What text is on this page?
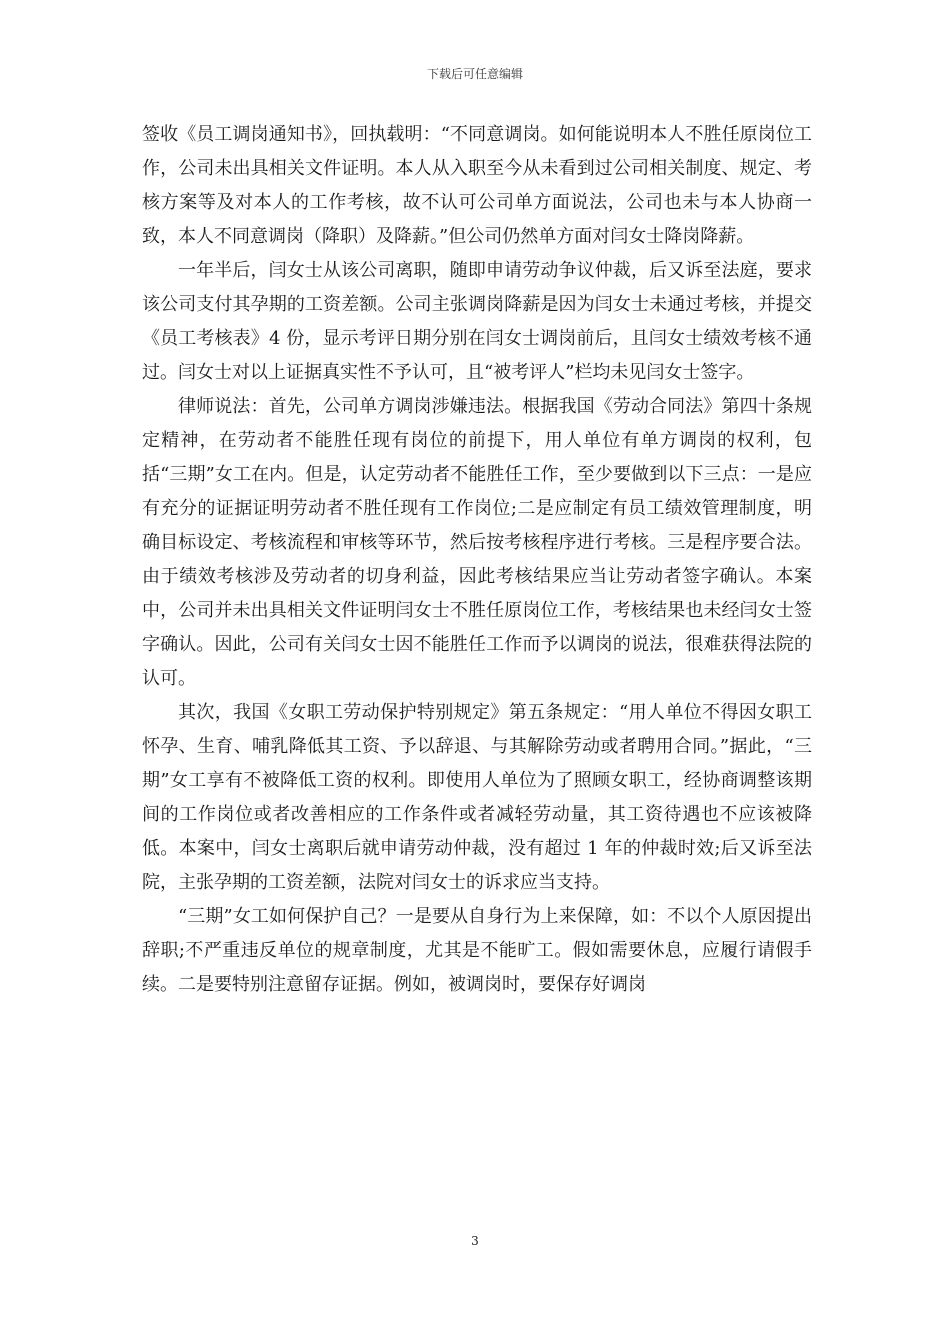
下载后可任意编辑

签收《员工调岗通知书》，回执载明：“不同意调岗。如何能说明本人不胜任原岗位工作，公司未出具相关文件证明。本人从入职至今从未看到过公司相关制度、规定、考核方案等及对本人的工作考核，故不认可公司单方面说法，公司也未与本人协商一致，本人不同意调岗（降职）及降薪。”但公司仍然单方面对闫女士降岗降薪。

一年半后，闫女士从该公司离职，随即申请劳动争议仲裁，后又诉至法庭，要求该公司支付其孕期的工资差额。公司主张调岗降薪是因为闫女士未通过考核，并提交《员工考核表》4 份，显示考评日期分别在闫女士调岗前后，且闫女士绩效考核不通过。闫女士对以上证据真实性不予认可，且“被考评人”栏均未见闫女士签字。

律师说法：首先，公司单方调岗涉嫌违法。根据我国《劳动合同法》第四十条规定精神，在劳动者不能胜任现有岗位的前提下，用人单位有单方调岗的权利，包括“三期”女工在内。但是，认定劳动者不能胜任工作，至少要做到以下三点：一是应有充分的证据证明劳动者不胜任现有工作岗位;二是应制定有员工绩效管理制度，明确目标设定、考核流程和审核等环节，然后按考核程序进行考核。三是程序要合法。由于绩效考核涉及劳动者的切身利益，因此考核结果应当让劳动者签字确认。本案中，公司并未出具相关文件证明闫女士不胜任原岗位工作，考核结果也未经闫女士签字确认。因此，公司有关闫女士因不能胜任工作而予以调岗的说法，很难获得法院的认可。

其次，我国《女职工劳动保护特别规定》第五条规定：“用人单位不得因女职工怀孕、生育、哺乳降低其工资、予以辞退、与其解除劳动或者聘用合同。”据此，“三期”女工享有不被降低工资的权利。即使用人单位为了照顾女职工，经协商调整该期间的工作岗位或者改善相应的工作条件或者减轻劳动量，其工资待遇也不应该被降低。本案中，闫女士离职后就申请劳动仲裁，没有超过 1 年的仲裁时效;后又诉至法院，主张孕期的工资差额，法院对闫女士的诉求应当支持。

“三期”女工如何保护自己？一是要从自身行为上来保障，如：不以个人原因提出辞职;不严重违反单位的规章制度，尤其是不能旷工。假如需要休息，应履行请假手续。二是要特别注意留存证据。例如，被调岗时，要保存好调岗

3
